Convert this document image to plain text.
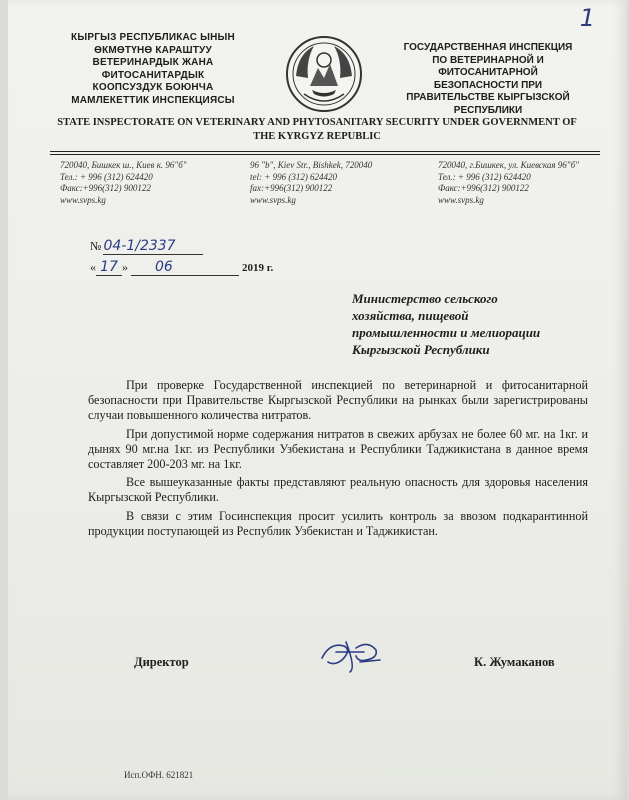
1
КЫРГЫЗ РЕСПУБЛИКАС ЫНЫН
ӨКМӨТҮНӨ КАРАШТУУ
ВЕТЕРИНАРДЫК ЖАНА
ФИТОСАНИТАРДЫК
КООПСУЗДУК БОЮНЧА
МАМЛЕКЕТТИК ИНСПЕКЦИЯСЫ
ГОСУДАРСТВЕННАЯ ИНСПЕКЦИЯ
ПО ВЕТЕРИНАРНОЙ И
ФИТОСАНИТАРНОЙ
БЕЗОПАСНОСТИ ПРИ
ПРАВИТЕЛЬСТВЕ КЫРГЫЗСКОЙ
РЕСПУБЛИКИ
STATE INSPECTORATE ON VETERINARY AND PHYTOSANITARY SECURITY UNDER GOVERNMENT OF
THE KYRGYZ REPUBLIC
720040, Бишкек ш., Киев к. 96"б"
Тел.: + 996 (312) 624420
Факс:+996(312) 900122
www.svps.kg
96 "b", Kiev Str., Bishkek, 720040
tel: + 996 (312) 624420
fax:+996(312) 900122
www.svps.kg
720040, г.Бишкек, ул. Киевская 96"б"
Тел.: + 996 (312) 624420
Факс:+996(312) 900122
www.svps.kg
№ 04-1/2337
« 17 » 06	2019 г.
Министерство сельского
хозяйства, пищевой
промышленности и мелиорации
Кыргызской Республики

При проверке Государственной инспекцией по ветеринарной и фитосанитарной безопасности при Правительстве Кыргызской Республики на рынках были зарегистрированы случаи повышенного количества нитратов.

При допустимой норме содержания нитратов в свежих арбузах не более 60 мг. на 1кг. и дынях 90 мг.на 1кг. из Республики Узбекистана и Республики Таджикистана в данное время составляет 200-203 мг. на 1кг.

Все вышеуказанные факты представляют реальную опасность для здоровья населения Кыргызской Республики.

В связи с этим Госинспекция просит усилить контроль за ввозом подкарантинной продукции поступающей из Республик Узбекистан и Таджикистан.

Директор	К. Жумаканов
Исп.ОФН. 621821
